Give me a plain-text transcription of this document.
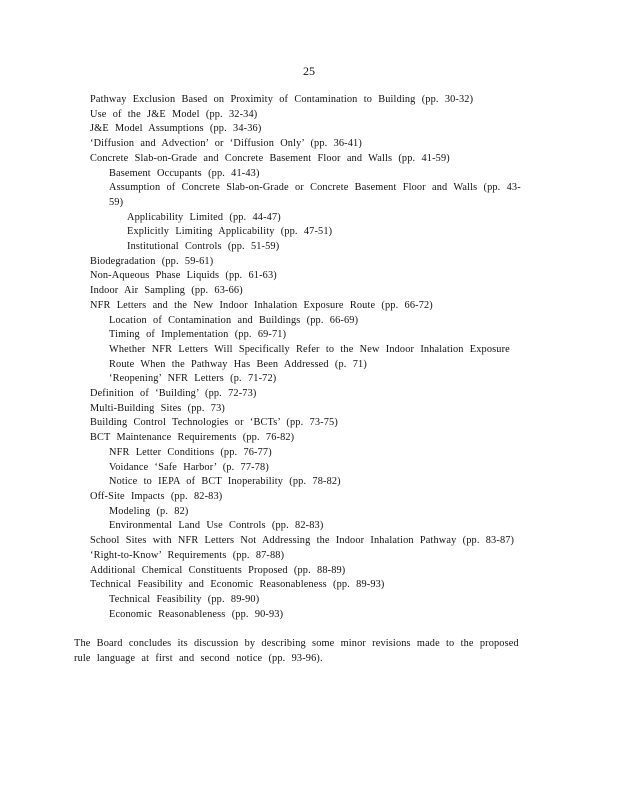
25
Pathway Exclusion Based on Proximity of Contamination to Building (pp. 30-32)
Use of the J&E Model (pp. 32-34)
J&E Model Assumptions (pp. 34-36)
‘Diffusion and Advection’ or ‘Diffusion Only’ (pp. 36-41)
Concrete Slab-on-Grade and Concrete Basement Floor and Walls (pp. 41-59)
Basement Occupants (pp. 41-43)
Assumption of Concrete Slab-on-Grade or Concrete Basement Floor and Walls (pp. 43-59)
Applicability Limited (pp. 44-47)
Explicitly Limiting Applicability (pp. 47-51)
Institutional Controls (pp. 51-59)
Biodegradation (pp. 59-61)
Non-Aqueous Phase Liquids (pp. 61-63)
Indoor Air Sampling (pp. 63-66)
NFR Letters and the New Indoor Inhalation Exposure Route (pp. 66-72)
Location of Contamination and Buildings (pp. 66-69)
Timing of Implementation (pp. 69-71)
Whether NFR Letters Will Specifically Refer to the New Indoor Inhalation Exposure Route When the Pathway Has Been Addressed (p. 71)
‘Reopening’ NFR Letters (p. 71-72)
Definition of ‘Building’ (pp. 72-73)
Multi-Building Sites (pp. 73)
Building Control Technologies or ‘BCTs’ (pp. 73-75)
BCT Maintenance Requirements (pp. 76-82)
NFR Letter Conditions (pp. 76-77)
Voidance ‘Safe Harbor’ (p. 77-78)
Notice to IEPA of BCT Inoperability (pp. 78-82)
Off-Site Impacts (pp. 82-83)
Modeling (p. 82)
Environmental Land Use Controls (pp. 82-83)
School Sites with NFR Letters Not Addressing the Indoor Inhalation Pathway (pp. 83-87)
‘Right-to-Know’ Requirements (pp. 87-88)
Additional Chemical Constituents Proposed (pp. 88-89)
Technical Feasibility and Economic Reasonableness (pp. 89-93)
Technical Feasibility (pp. 89-90)
Economic Reasonableness (pp. 90-93)

The Board concludes its discussion by describing some minor revisions made to the proposed rule language at first and second notice (pp. 93-96).
